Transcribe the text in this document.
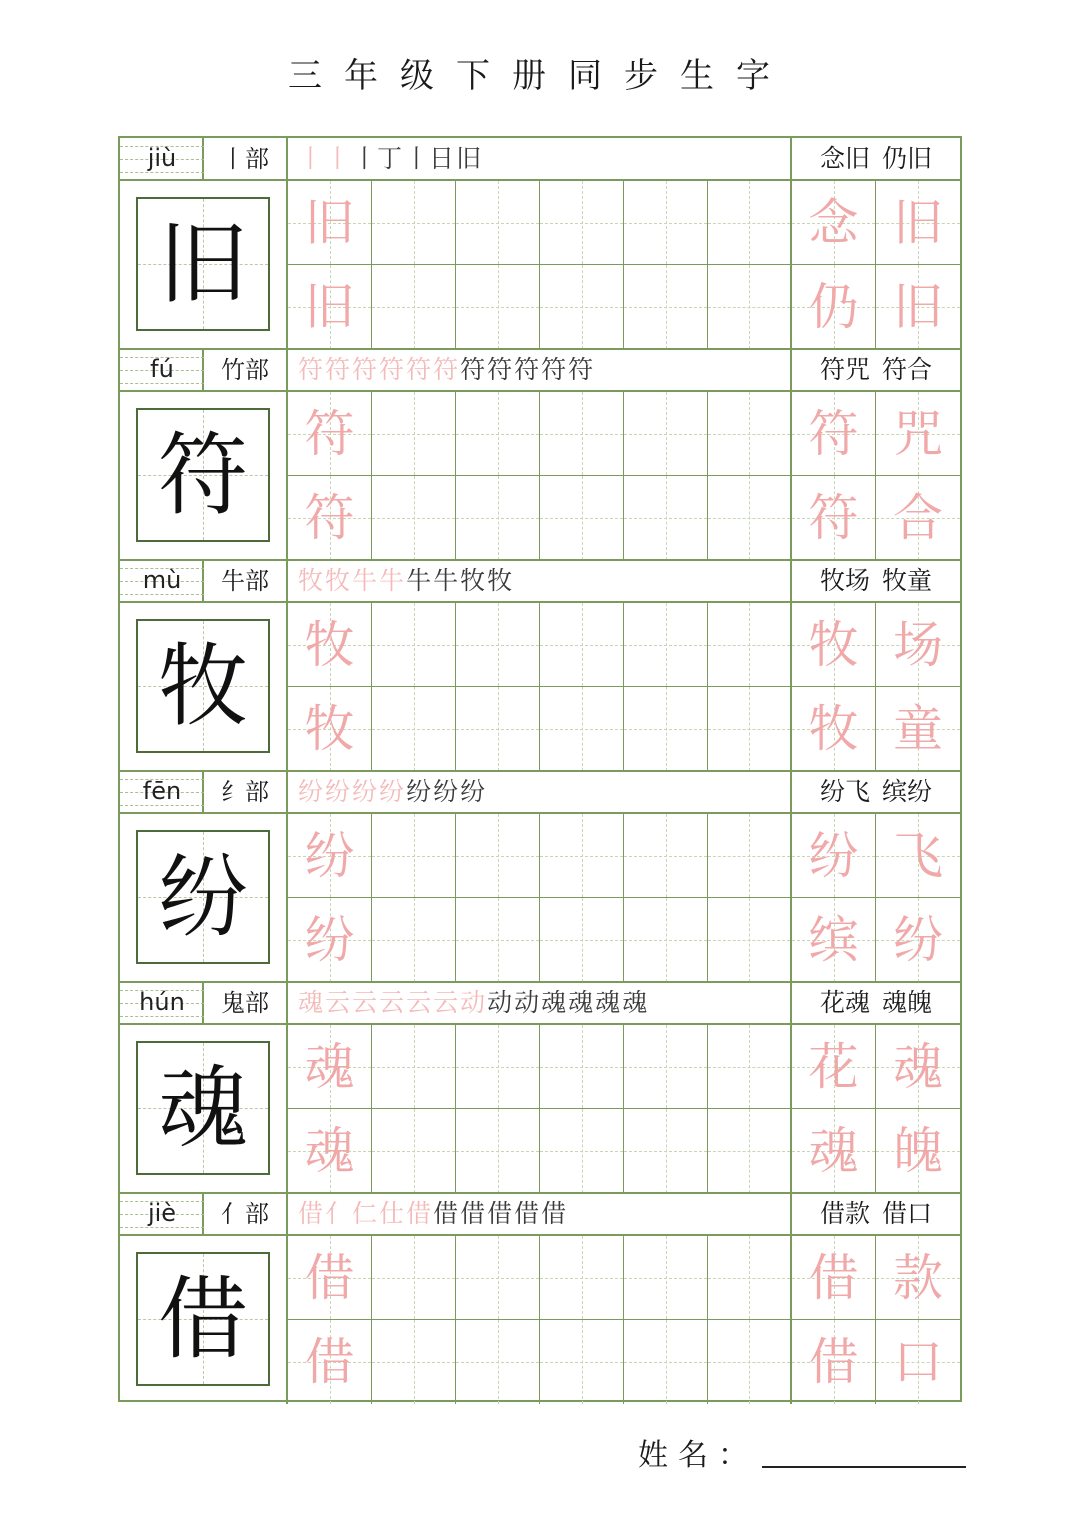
三年级下册同步生字
jiù	丨部	丨丨丨丁丨日旧	念旧 仍旧
旧	旧	念 旧
旧	仍 旧
fú	竹部	符符符符符符符符符符符	符咒 符合
符	符	符 咒
符	符 合
mù	牛部	牧牧牛牛牛牛牧牧	牧场 牧童
牧	牧	牧 场
牧	牧 童
fēn	纟部	纷纷纷纷纷纷纷	纷飞 缤纷
纷	纷	纷 飞
纷	缤 纷
hún	鬼部	魂云云云云云动动动魂魂魂魂	花魂 魂魄
魂	魂	花 魂
魂	魂 魄
jiè	亻部	借亻仁仕借借借借借借	借款 借口
借	借	借 款
借	借 口
姓名：
